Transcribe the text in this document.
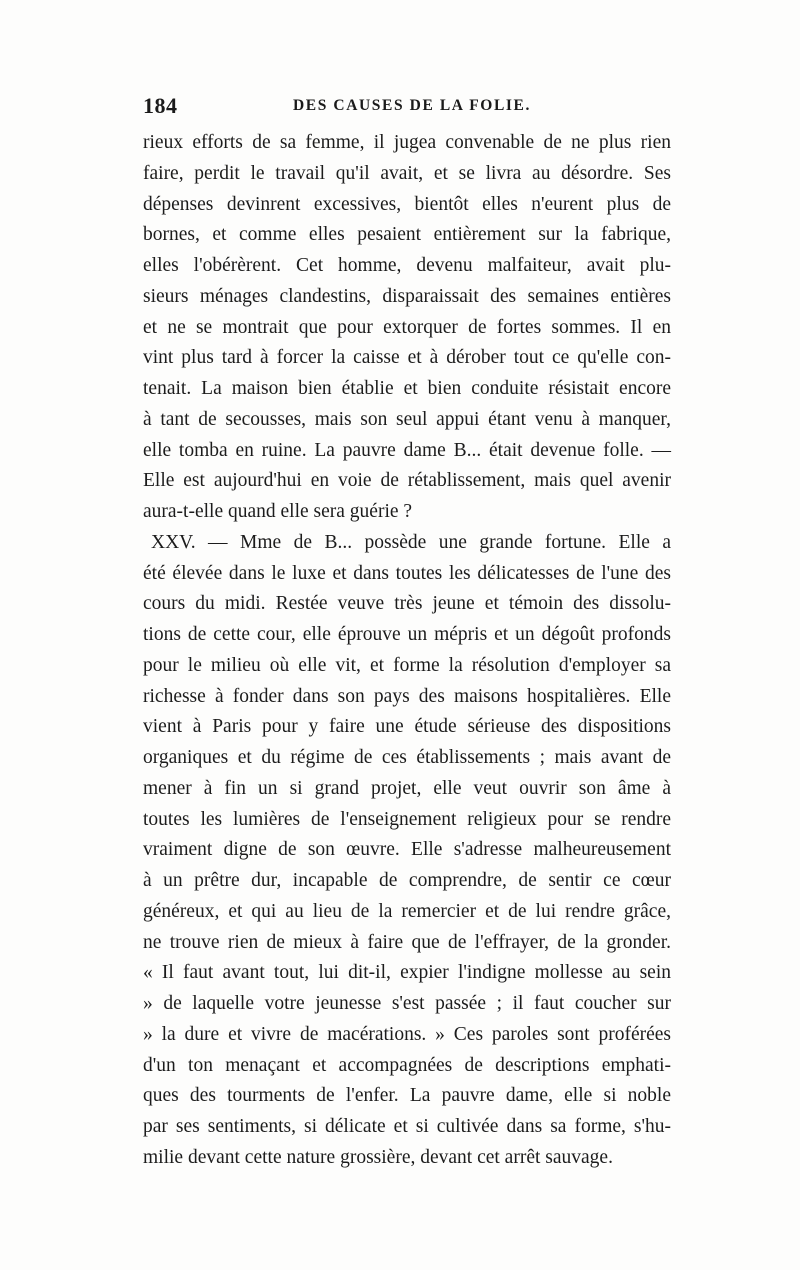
184	DES CAUSES DE LA FOLIE.
rieux efforts de sa femme, il jugea convenable de ne plus rien
faire, perdit le travail qu'il avait, et se livra au désordre. Ses
dépenses devinrent excessives, bientôt elles n'eurent plus de
bornes, et comme elles pesaient entièrement sur la fabrique,
elles l'obérèrent. Cet homme, devenu malfaiteur, avait plu-
sieurs ménages clandestins, disparaissait des semaines entières
et ne se montrait que pour extorquer de fortes sommes. Il en
vint plus tard à forcer la caisse et à dérober tout ce qu'elle con-
tenait. La maison bien établie et bien conduite résistait encore
à tant de secousses, mais son seul appui étant venu à manquer,
elle tomba en ruine. La pauvre dame B... était devenue folle. —
Elle est aujourd'hui en voie de rétablissement, mais quel avenir
aura-t-elle quand elle sera guérie ?
XXV. — Mme de B... possède une grande fortune. Elle a
été élevée dans le luxe et dans toutes les délicatesses de l'une des
cours du midi. Restée veuve très jeune et témoin des dissolu-
tions de cette cour, elle éprouve un mépris et un dégoût profonds
pour le milieu où elle vit, et forme la résolution d'employer sa
richesse à fonder dans son pays des maisons hospitalières. Elle
vient à Paris pour y faire une étude sérieuse des dispositions
organiques et du régime de ces établissements ; mais avant de
mener à fin un si grand projet, elle veut ouvrir son âme à
toutes les lumières de l'enseignement religieux pour se rendre
vraiment digne de son œuvre. Elle s'adresse malheureusement
à un prêtre dur, incapable de comprendre, de sentir ce cœur
généreux, et qui au lieu de la remercier et de lui rendre grâce,
ne trouve rien de mieux à faire que de l'effrayer, de la gronder.
« Il faut avant tout, lui dit-il, expier l'indigne mollesse au sein
» de laquelle votre jeunesse s'est passée ; il faut coucher sur
» la dure et vivre de macérations. » Ces paroles sont proférées
d'un ton menaçant et accompagnées de descriptions emphati-
ques des tourments de l'enfer. La pauvre dame, elle si noble
par ses sentiments, si délicate et si cultivée dans sa forme, s'hu-
milie devant cette nature grossière, devant cet arrêt sauvage.
